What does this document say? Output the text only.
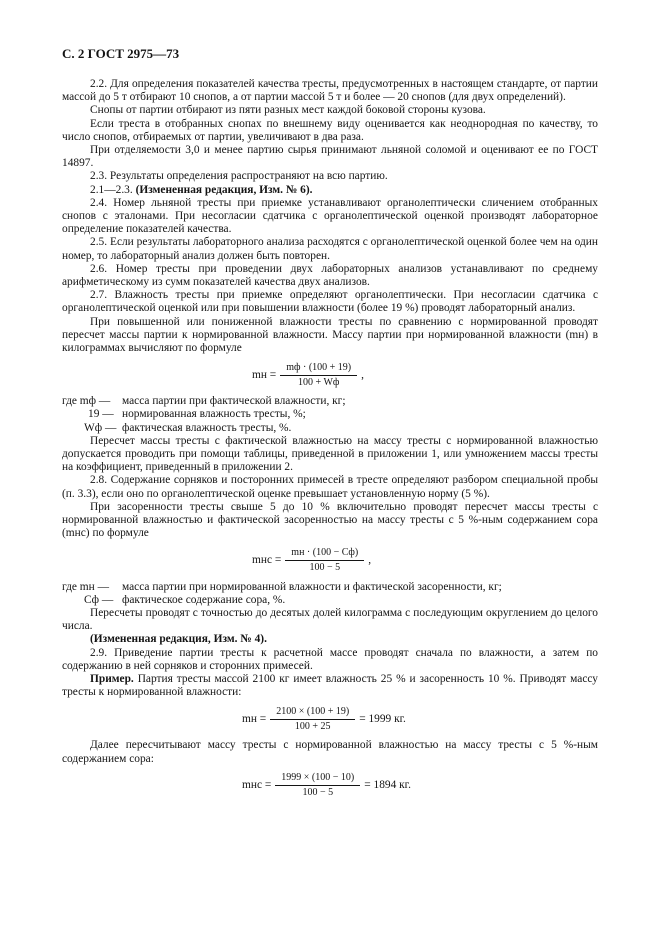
С. 2 ГОСТ 2975—73

2.2. Для определения показателей качества тресты, предусмотренных в настоящем стандарте, от партии массой до 5 т отбирают 10 снопов, а от партии массой 5 т и более — 20 снопов (для двух определений).

Снопы от партии отбирают из пяти разных мест каждой боковой стороны кузова.

Если треста в отобранных снопах по внешнему виду оценивается как неоднородная по качеству, то число снопов, отбираемых от партии, увеличивают в два раза.

При отделяемости 3,0 и менее партию сырья принимают льняной соломой и оценивают ее по ГОСТ 14897.

2.3. Результаты определения распространяют на всю партию.

2.1—2.3. (Измененная редакция, Изм. № 6).

2.4. Номер льняной тресты при приемке устанавливают органолептически сличением отобранных снопов с эталонами. При несогласии сдатчика с органолептической оценкой производят лабораторное определение показателей качества.

2.5. Если результаты лабораторного анализа расходятся с органолептической оценкой более чем на один номер, то лабораторный анализ должен быть повторен.

2.6. Номер тресты при проведении двух лабораторных анализов устанавливают по среднему арифметическому из сумм показателей качества двух анализов.

2.7. Влажность тресты при приемке определяют органолептически. При несогласии сдатчика с органолептической оценкой или при повышении влажности (более 19 %) проводят лабораторный анализ.

При повышенной или пониженной влажности тресты по сравнению с нормированной проводят пересчет массы партии к нормированной влажности. Массу партии при нормированной влажности (mн) в килограммах вычисляют по формуле

mн = $\frac{mф \cdot (100 + 19)}{100 + Wф}$ ,
где mф —	масса партии при фактической влажности, кг;
19 — нормированная влажность тресты, %;
Wф — фактическая влажность тресты, %.

Пересчет массы тресты с фактической влажностью на массу тресты с нормированной влажностью допускается проводить при помощи таблицы, приведенной в приложении 1, или умножением массы тресты на коэффициент, приведенный в приложении 2.

2.8. Содержание сорняков и посторонних примесей в тресте определяют разбором специальной пробы (п. 3.3), если оно по органолептической оценке превышает установленную норму (5 %).

При засоренности тресты свыше 5 до 10 % включительно проводят пересчет массы тресты с нормированной влажностью и фактической засоренностью на массу тресты с 5 %-ным содержанием сора (mнс) по формуле

mнс = $\frac{mн \cdot (100 - Cф)}{100 - 5}$ ,
где mн —	масса партии при нормированной влажности и фактической засоренности, кг;
Cф — фактическое содержание сора, %.

Пересчеты проводят с точностью до десятых долей килограмма с последующим округлением до целого числа.

(Измененная редакция, Изм. № 4).

2.9. Приведение партии тресты к расчетной массе проводят сначала по влажности, а затем по содержанию в ней сорняков и сторонних примесей.

Пример. Партия тресты массой 2100 кг имеет влажность 25 % и засоренность 10 %. Приводят массу тресты к нормированной влажности:

mн = $\frac{2100 \times (100 + 19)}{100 + 25} = 1999$ кг.

Далее пересчитывают массу тресты с нормированной влажностью на массу тресты с 5 %-ным содержанием сора:

mнс = $\frac{1999 \times (100 - 10)}{100 - 5} = 1894$ кг.
